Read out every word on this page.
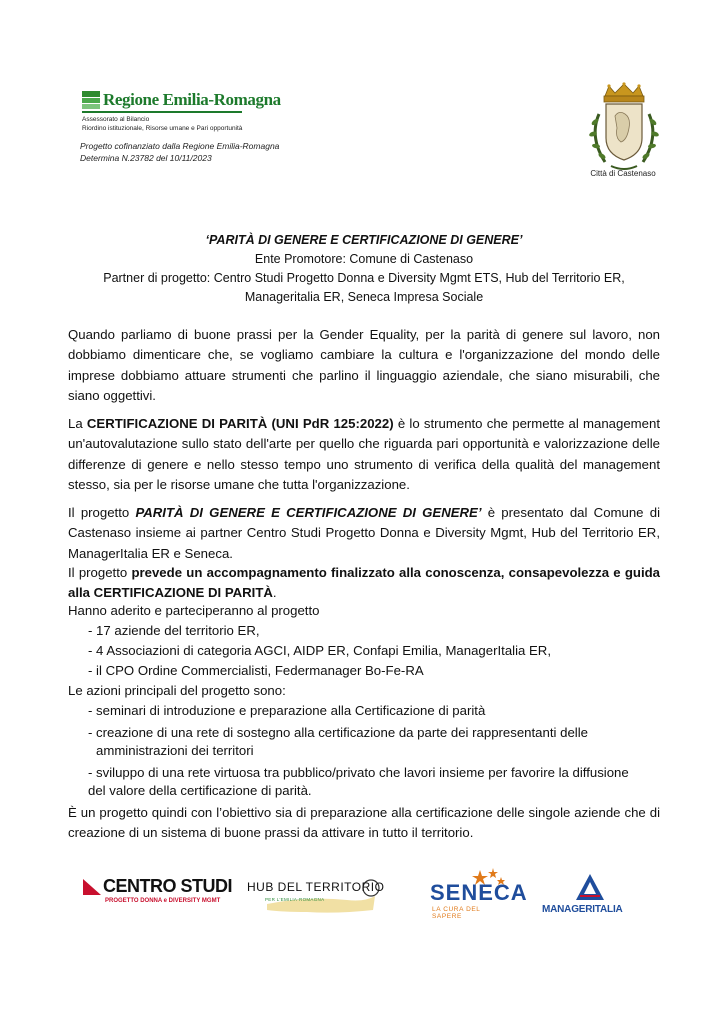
Regione Emilia-Romagna
Assessorato al Bilancio
Riordino istituzionale, Risorse umane e Pari opportunità
Progetto cofinanziato dalla Regione Emilia-Romagna
Determina N.23782 del 10/11/2023
Città di Castenaso
‘PARITÀ DI GENERE E CERTIFICAZIONE DI GENERE’
Ente Promotore: Comune di Castenaso
Partner di progetto: Centro Studi Progetto Donna e Diversity Mgmt ETS, Hub del Territorio ER,
Manageritalia ER, Seneca Impresa Sociale
Quando parliamo di buone prassi per la Gender Equality, per la parità di genere sul lavoro, non dobbiamo dimenticare che, se vogliamo cambiare la cultura e l'organizzazione del mondo delle imprese dobbiamo attuare strumenti che parlino il linguaggio aziendale, che siano misurabili, che siano oggettivi.
La CERTIFICAZIONE DI PARITÀ (UNI PdR 125:2022) è lo strumento che permette al management un'autovalutazione sullo stato dell'arte per quello che riguarda pari opportunità e valorizzazione delle differenze di genere e nello stesso tempo uno strumento di verifica della qualità del management stesso, sia per le risorse umane che tutta l'organizzazione.
Il progetto PARITÀ DI GENERE E CERTIFICAZIONE DI GENERE’ è presentato dal Comune di Castenaso insieme ai partner Centro Studi Progetto Donna e Diversity Mgmt, Hub del Territorio ER, ManagerItalia ER e Seneca.
Il progetto prevede un accompagnamento finalizzato alla conoscenza, consapevolezza e guida alla CERTIFICAZIONE DI PARITÀ.
Hanno aderito e parteciperanno al progetto
- 17 aziende del territorio ER,
- 4 Associazioni di categoria AGCI, AIDP ER, Confapi Emilia, ManagerItalia ER,
- il CPO Ordine Commercialisti, Federmanager Bo-Fe-RA
Le azioni principali del progetto sono:
- seminari di introduzione e preparazione alla Certificazione di parità
- creazione di una rete di sostegno alla certificazione da parte dei rappresentanti delle
amministrazioni dei territori
- sviluppo di una rete virtuosa tra pubblico/privato che lavori insieme per favorire la diffusione
del valore della certificazione di parità.
È un progetto quindi con l’obiettivo sia di preparazione alla certificazione delle singole aziende che di creazione di un sistema di buone prassi da attivare in tutto il territorio.
CENTRO STUDI
PROGETTO DONNA e DIVERSITY MGMT
HUB DEL TERRITORIO
PER L'EMILIA-ROMAGNA	SENECA
LA CURA DEL SAPERE
MANAGERITALIA
